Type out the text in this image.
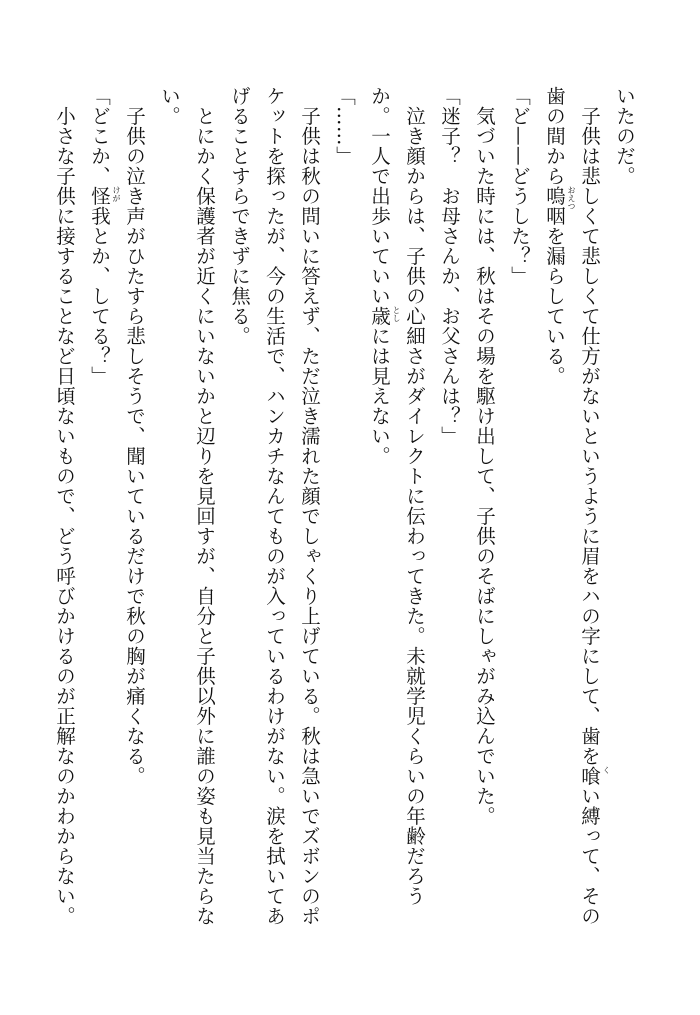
いたのだ。

子供は悲しくて悲しくて仕方がないというように眉をハの字にして、歯を喰 く
い縛って、その

歯の間から嗚咽 おえつ
を漏らしている。

「ど——どうした？」

気づいた時には、秋はその場を駆け出して、子供のそばにしゃがみ込んでいた。

「迷子？　お母さんか、お父さんは？」

泣き顔からは、子供の心細さがダイレクトに伝わってきた。未就学児くらいの年齢だろう

か。一人で出歩いていい歳 とし
には見えない。

「……」

子供は秋の問いに答えず、ただ泣き濡れた顔でしゃくり上げている。秋は急いでズボンのポ

ケットを探ったが、今の生活で、ハンカチなんてものが入っているわけがない。涙を拭いてあ

げることすらできずに焦る。

とにかく保護者が近くにいないかと辺りを見回すが、自分と子供以外に誰の姿も見当たらな

い。

子供の泣き声がひたすら悲しそうで、聞いているだけで秋の胸が痛くなる。

「どこか、怪我 けが
とか、してる？」

小さな子供に接することなど日頃ないもので、どう呼びかけるのが正解なのかわからない。
